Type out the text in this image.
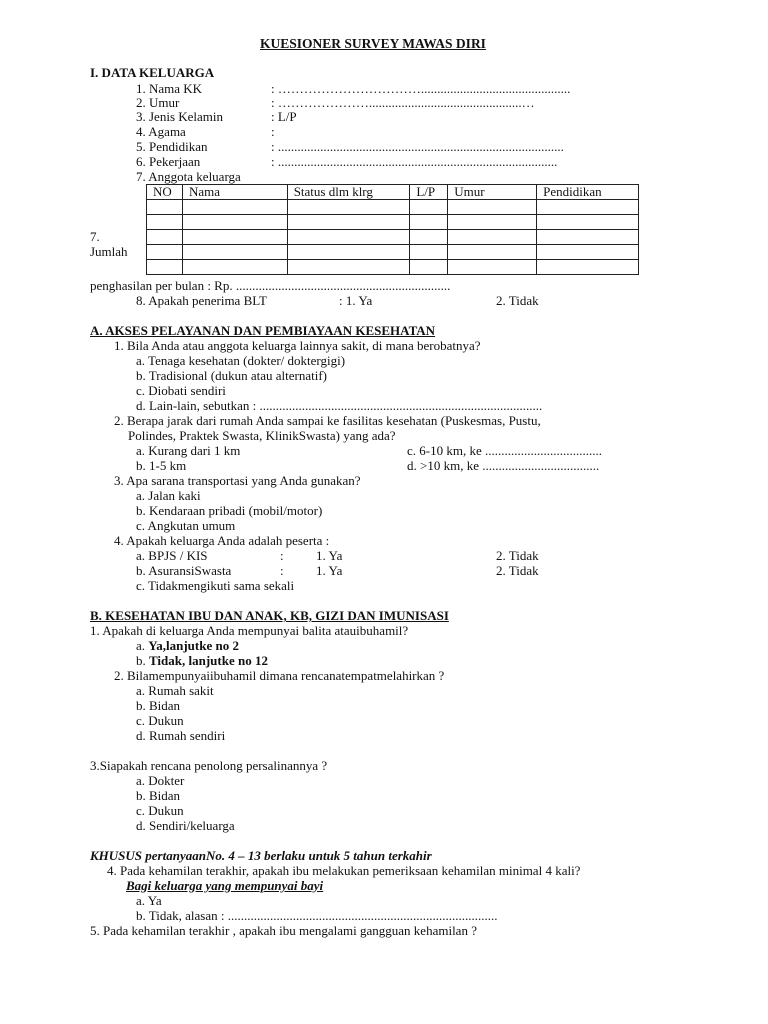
KUESIONER SURVEY MAWAS DIRI
I. DATA KELUARGA
1. Nama KK	: ……………………………..............................................
2. Umur	: …………………...............................................…
3. Jenis Kelamin	: L/P
4. Agama	:
5. Pendidikan	: ........................................................................................
6. Pekerjaan	: ......................................................................................
7. Anggota keluarga
NO	Nama	Status dlm klrg	L/P	Umur	Pendidikan

7.
Jumlah
penghasilan per bulan : Rp. ..................................................................
8. Apakah penerima BLT	: 1. Ya	2. Tidak
A. AKSES PELAYANAN DAN PEMBIAYAAN KESEHATAN
1. Bila Anda atau anggota keluarga lainnya sakit, di mana berobatnya?
a. Tenaga kesehatan (dokter/ doktergigi)
b. Tradisional (dukun atau alternatif)
c. Diobati sendiri
d. Lain-lain, sebutkan : .......................................................................................
2. Berapa jarak dari rumah Anda sampai ke fasilitas kesehatan (Puskesmas, Pustu,
Polindes, Praktek Swasta, KlinikSwasta) yang ada?
a. Kurang dari 1 km	c. 6-10 km, ke ....................................
b. 1-5 km	d. >10 km, ke ....................................
3. Apa sarana transportasi yang Anda gunakan?
a. Jalan kaki
b. Kendaraan pribadi (mobil/motor)
c. Angkutan umum
4. Apakah keluarga Anda adalah peserta :
a. BPJS / KIS	: 1. Ya	2. Tidak
b. AsuransiSwasta	: 1. Ya	2. Tidak
c. Tidakmengikuti sama sekali
B. KESEHATAN IBU DAN ANAK, KB, GIZI DAN IMUNISASI
1. Apakah di keluarga Anda mempunyai balita atauibuhamil?
a. Ya,lanjutke no 2
b. Tidak, lanjutke no 12
2. Bilamempunyaiibuhamil dimana rencanatempatmelahirkan ?
a. Rumah sakit
b. Bidan
c. Dukun
d. Rumah sendiri
3.Siapakah rencana penolong persalinannya ?
a. Dokter
b. Bidan
c. Dukun
d. Sendiri/keluarga
KHUSUS pertanyaanNo. 4 – 13 berlaku untuk 5 tahun terkahir
4. Pada kehamilan terakhir, apakah ibu melakukan pemeriksaan kehamilan minimal 4 kali?
Bagi keluarga yang mempunyai bayi
a. Ya
b. Tidak, alasan : ...................................................................................
5. Pada kehamilan terakhir , apakah ibu mengalami gangguan kehamilan ?
